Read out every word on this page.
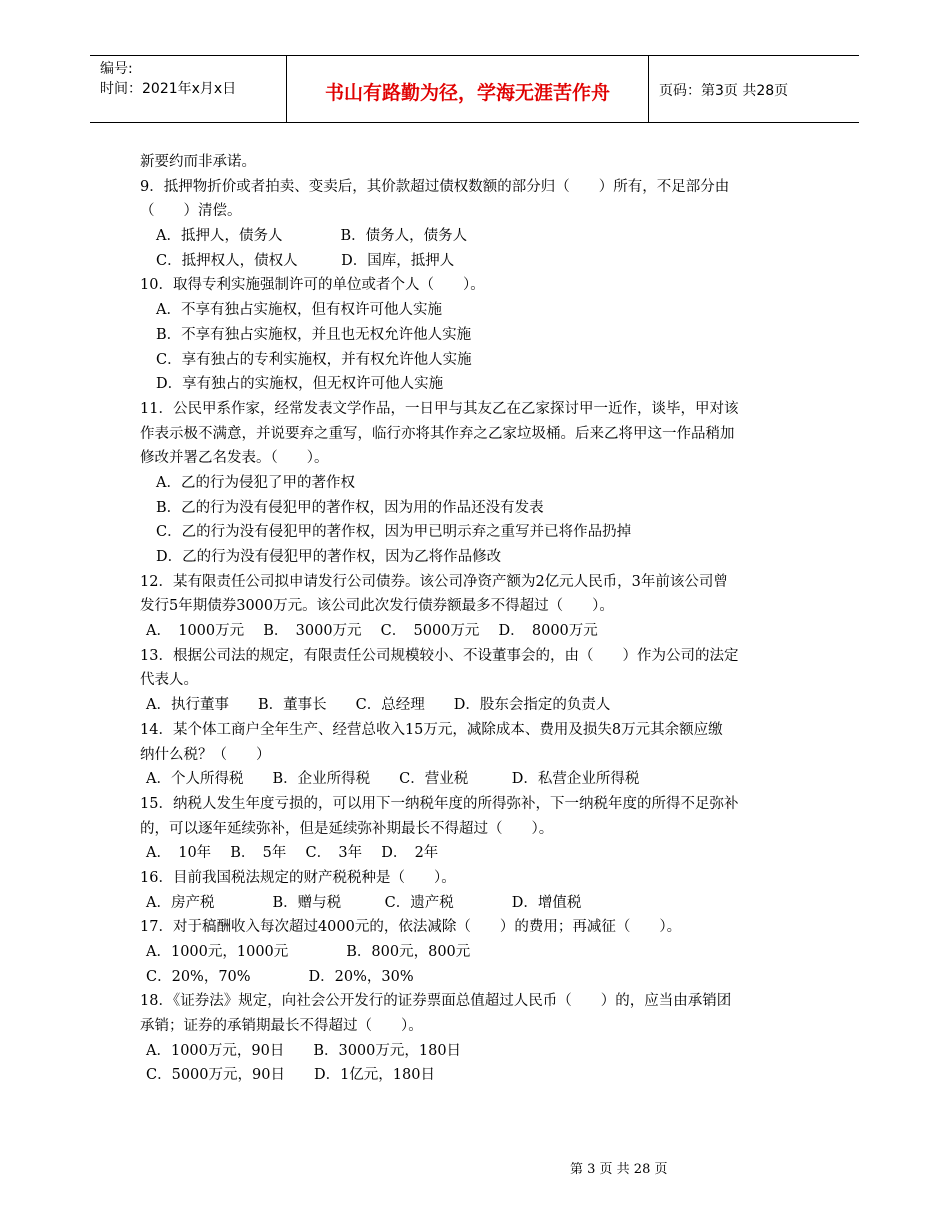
编号:
时间：2021年x月x日	书山有路勤为径，学海无涯苦作舟	页码：第3页 共28页
新要约而非承诺。
9．抵押物折价或者拍卖、变卖后，其价款超过债权数额的部分归（　　）所有，不足部分由
（　　）清偿。
A．抵押人，债务人　　　　B．债务人，债务人
C．抵押权人，债权人　　　D．国库，抵押人
10．取得专利实施强制许可的单位或者个人（　　）。
A．不享有独占实施权，但有权许可他人实施
B．不享有独占实施权，并且也无权允许他人实施
C．享有独占的专利实施权，并有权允许他人实施
D．享有独占的实施权，但无权许可他人实施
11．公民甲系作家，经常发表文学作品，一日甲与其友乙在乙家探讨甲一近作，谈毕，甲对该
作表示极不满意，并说要弃之重写，临行亦将其作弃之乙家垃圾桶。后来乙将甲这一作品稍加
修改并署乙名发表。（　　）。
A．乙的行为侵犯了甲的著作权
B．乙的行为没有侵犯甲的著作权，因为用的作品还没有发表
C．乙的行为没有侵犯甲的著作权，因为甲已明示弃之重写并已将作品扔掉
D．乙的行为没有侵犯甲的著作权，因为乙将作品修改
12．某有限责任公司拟申请发行公司债券。该公司净资产额为2亿元人民币，3年前该公司曾
发行5年期债券3000万元。该公司此次发行债券额最多不得超过（　　）。
A．　1000万元　 B．　3000万元　 C．　5000万元　 D．　8000万元
13．根据公司法的规定，有限责任公司规模较小、不设董事会的，由（　　）作为公司的法定
代表人。
A．执行董事　　B．董事长　　C．总经理　　D．股东会指定的负责人
14．某个体工商户全年生产、经营总收入15万元，减除成本、费用及损失8万元其余额应缴
纳什么税？（　　）
A．个人所得税　　B．企业所得税　　C．营业税　　　D．私营企业所得税
15．纳税人发生年度亏损的，可以用下一纳税年度的所得弥补，下一纳税年度的所得不足弥补
的，可以逐年延续弥补，但是延续弥补期最长不得超过（　　）。
A．　10年　 B．　5年　 C．　3年　 D．　2年
16．目前我国税法规定的财产税税种是（　　）。
A．房产税　　　　B．赠与税　　　C．遗产税　　　　D．增值税
17．对于稿酬收入每次超过4000元的，依法减除（　　）的费用；再减征（　　）。
A．1000元，1000元　　　　B．800元，800元
C．20%，70%　　　　D．20%，30%
18．《证券法》规定，向社会公开发行的证券票面总值超过人民币（　　）的，应当由承销团
承销；证券的承销期最长不得超过（　　）。
A．1000万元，90日　　B．3000万元，180日
C．5000万元，90日　　D．1亿元，180日
第 3 页 共 28 页
